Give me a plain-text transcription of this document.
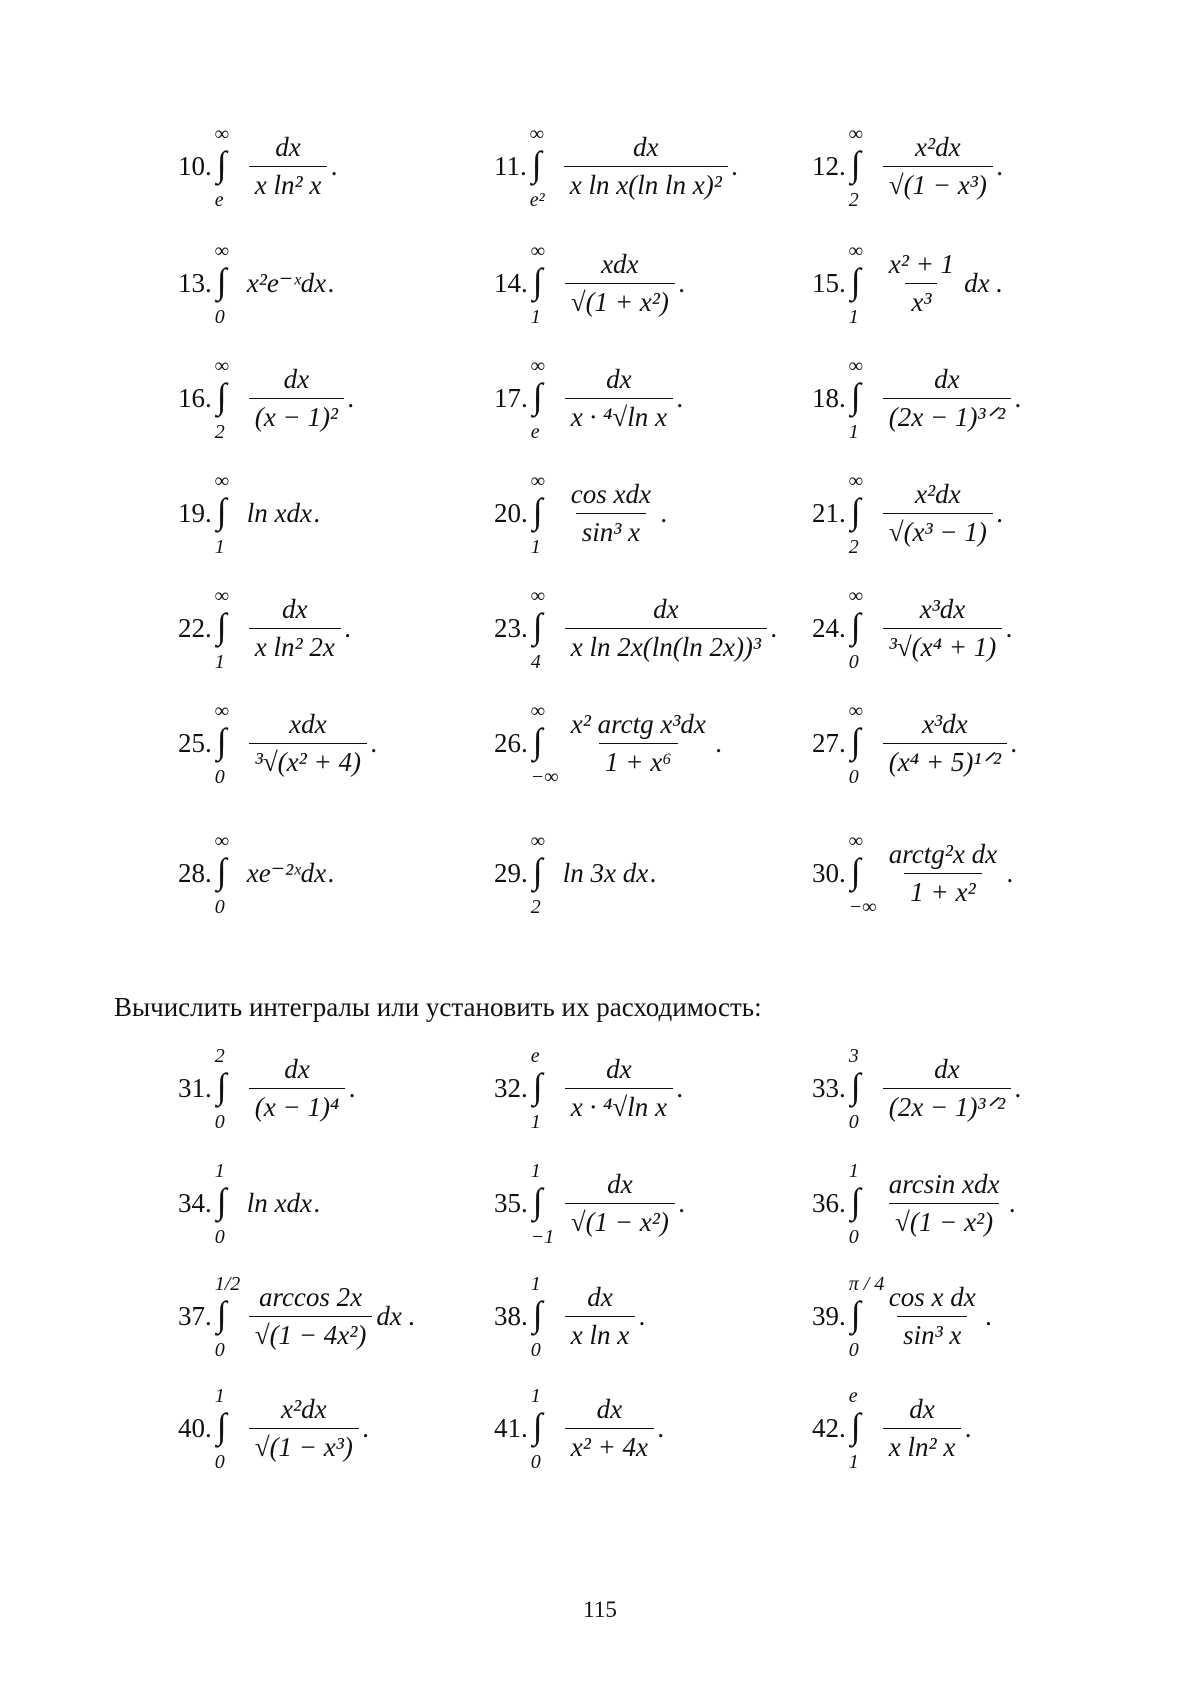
10.
∞
∫
e $\frac{dx}{\text{x ln² x}}$ .	11.
∞
∫
$e^2 \frac{dx}{\text{x ln x(ln ln x)²}}$ .	12.
∞
∫
$2 \frac{\text{x²dx}}{\text{√(1 − x³)}}$ .
13.
∞
∫
0
x²e⁻ˣdx .	14.
∞
∫
$1 \frac{\text{xdx}}{\text{√(1 + x²)}}$ .	15.
∞
∫
$1 \frac{\text{x² + 1}}{\text{x³}}$ dx .
16.
∞
∫
$2 \frac{dx}{\text{(x − 1)²}}$ .	17.
∞
∫
e $\frac{dx}{\text{x · ⁴√ln x}}$ .	18.
∞
∫
$1 \frac{dx}{\text{(2x − 1)³ᐟ²}}$ .
19.
∞
∫
1
ln xdx .	20.
∞
∫
$1 \frac{\text{cos xdx}}{\text{sin³ x}}$ .	21.
∞
∫
$2 \frac{\text{x²dx}}{\text{√(x³ − 1)}}$ .
22.
∞
∫
$1 \frac{dx}{\text{x ln² 2x}}$ .	23.
∞
∫
$4 \frac{dx}{\text{x ln 2x(ln(ln 2x))³}}$ . 24.
∞
∫
$0 \frac{\text{x³dx}}{\text{³√(x⁴ + 1)}}$ .
25.
∞
∫
$0 \frac{\text{xdx}}{\text{³√(x² + 4)}}$ .	26.
∞
∫
−∞ $\frac{\text{x² arctg x³dx}}{\text{1 + x⁶}}$ .	27.
∞
∫
$0 \frac{\text{x³dx}}{\text{(x⁴ + 5)¹ᐟ²}}$ .
28.
∞
∫
0
xe⁻²ˣdx .	29.
∞
∫
2
ln 3x dx .	30.
∞
∫
−∞ $\frac{\text{arctg²x dx}}{\text{1 + x²}}$ .
31.
2
∫
$0 \frac{dx}{\text{(x − 1)⁴}}$ .	32.
e
∫
$1 \frac{dx}{\text{x · ⁴√ln x}}$ .	33.
3
∫
$0 \frac{dx}{\text{(2x − 1)³ᐟ²}}$ .
34.
1
∫
0
ln xdx .	35.
1
∫
$-1 \frac{dx}{\text{√(1 − x²)}}$ .	36.
1
∫
$0 \frac{\text{arcsin xdx}}{\text{√(1 − x²)}}$ .
37.
1/2
∫
$0 \frac{\arccos 2x}{\text{√(1 − 4x²)}}$ dx .	38.
1
∫
$0 \frac{dx}{\text{x ln x}}$ .	39.
π / 4
∫
$0 \frac{\text{cos x dx}}{\text{sin³ x}}$ .
40.
1
∫
$0 \frac{\text{x²dx}}{\text{√(1 − x³)}}$ .	41.
1
∫
$0 \frac{dx}{\text{x² + 4x}}$ .	42.
e
∫
$1 \frac{dx}{\text{x ln² x}}$ .
Вычислить интегралы или установить их расходимость:
115
